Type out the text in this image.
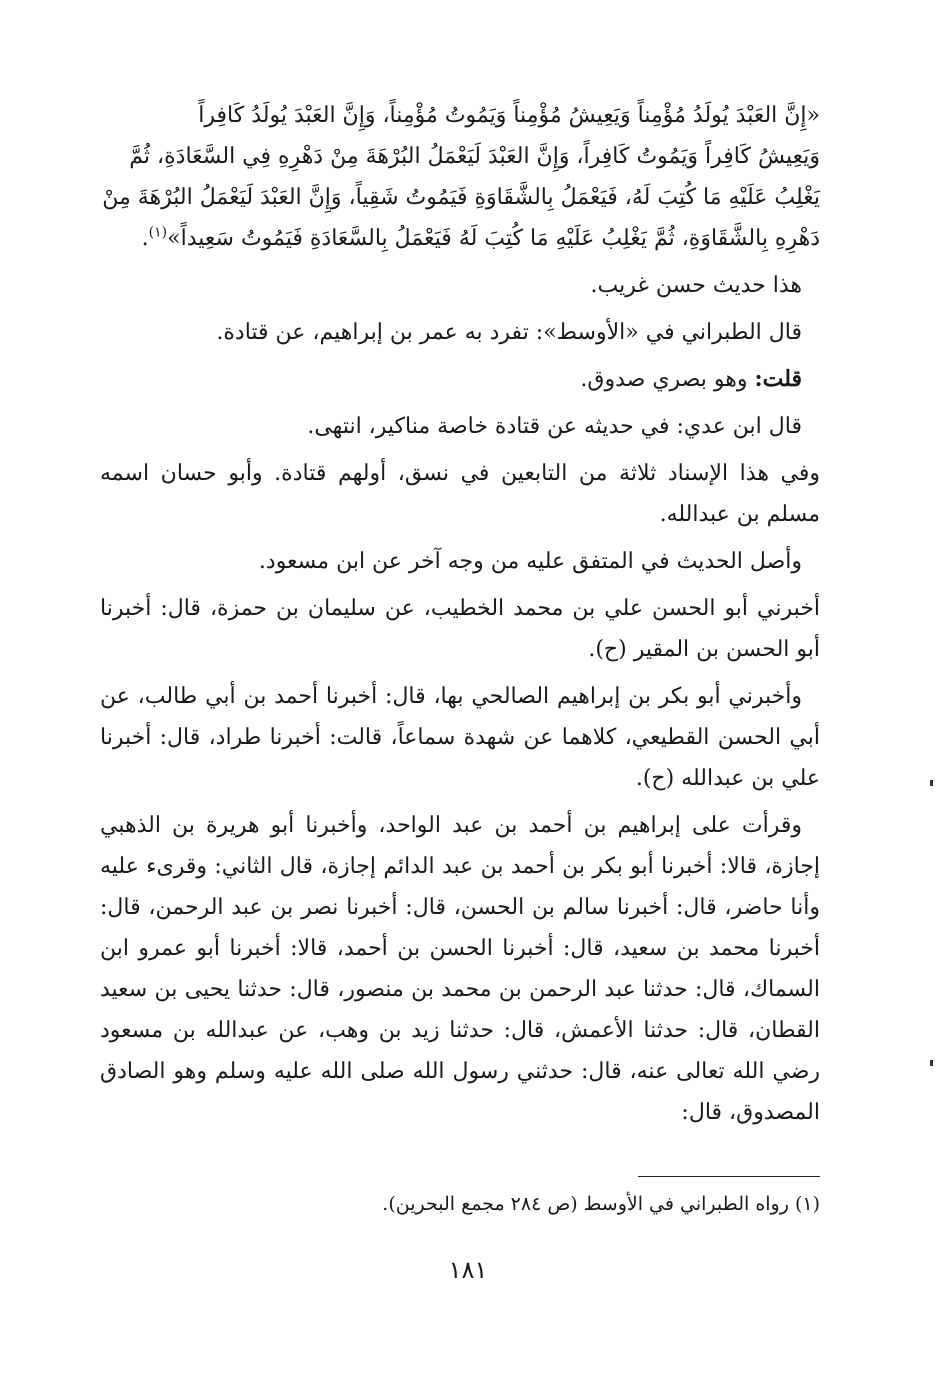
«إِنَّ العَبْدَ يُولَدُ مُؤْمِناً وَيَعِيشُ مُؤْمِناً وَيَمُوتُ مُؤْمِناً، وَإِنَّ العَبْدَ يُولَدُ كَافِراً

وَيَعِيشُ كَافِراً وَيَمُوتُ كَافِراً، وَإِنَّ العَبْدَ لَيَعْمَلُ البُرْهَةَ مِنْ دَهْرِهِ فِي السَّعَادَةِ، ثُمَّ

يَغْلِبُ عَلَيْهِ مَا كُتِبَ لَهُ، فَيَعْمَلُ بِالشَّقَاوَةِ فَيَمُوتُ شَقِياً، وَإِنَّ العَبْدَ لَيَعْمَلُ البُرْهَةَ مِنْ

دَهْرِهِ بِالشَّقَاوَةِ، ثُمَّ يَغْلِبُ عَلَيْهِ مَا كُتِبَ لَهُ فَيَعْمَلُ بِالسَّعَادَةِ فَيَمُوتُ سَعِيداً»$^{(١)}$.

هذا حديث حسن غريب.

قال الطبراني في «الأوسط»: تفرد به عمر بن إبراهيم، عن قتادة.

قلت: وهو بصري صدوق.

قال ابن عدي: في حديثه عن قتادة خاصة مناكير، انتهى.

وفي هذا الإسناد ثلاثة من التابعين في نسق، أولهم قتادة. وأبو حسان اسمه مسلم بن عبدالله.

وأصل الحديث في المتفق عليه من وجه آخر عن ابن مسعود.

أخبرني أبو الحسن علي بن محمد الخطيب، عن سليمان بن حمزة، قال: أخبرنا أبو الحسن بن المقير (ح).

وأخبرني أبو بكر بن إبراهيم الصالحي بها، قال: أخبرنا أحمد بن أبي طالب، عن أبي الحسن القطيعي، كلاهما عن شهدة سماعاً، قالت: أخبرنا طراد، قال: أخبرنا علي بن عبدالله (ح).

وقرأت على إبراهيم بن أحمد بن عبد الواحد، وأخبرنا أبو هريرة بن الذهبي إجازة، قالا: أخبرنا أبو بكر بن أحمد بن عبد الدائم إجازة، قال الثاني: وقرىء عليه وأنا حاضر، قال: أخبرنا سالم بن الحسن، قال: أخبرنا نصر بن عبد الرحمن، قال: أخبرنا محمد بن سعيد، قال: أخبرنا الحسن بن أحمد، قالا: أخبرنا أبو عمرو ابن السماك، قال: حدثنا عبد الرحمن بن محمد بن منصور، قال: حدثنا يحيى بن سعيد القطان، قال: حدثنا الأعمش، قال: حدثنا زيد بن وهب، عن عبدالله بن مسعود رضي الله تعالى عنه، قال: حدثني رسول الله صلى الله عليه وسلم وهو الصادق المصدوق، قال:

(١) رواه الطبراني في الأوسط (ص ٢٨٤ مجمع البحرين).
١٨١
